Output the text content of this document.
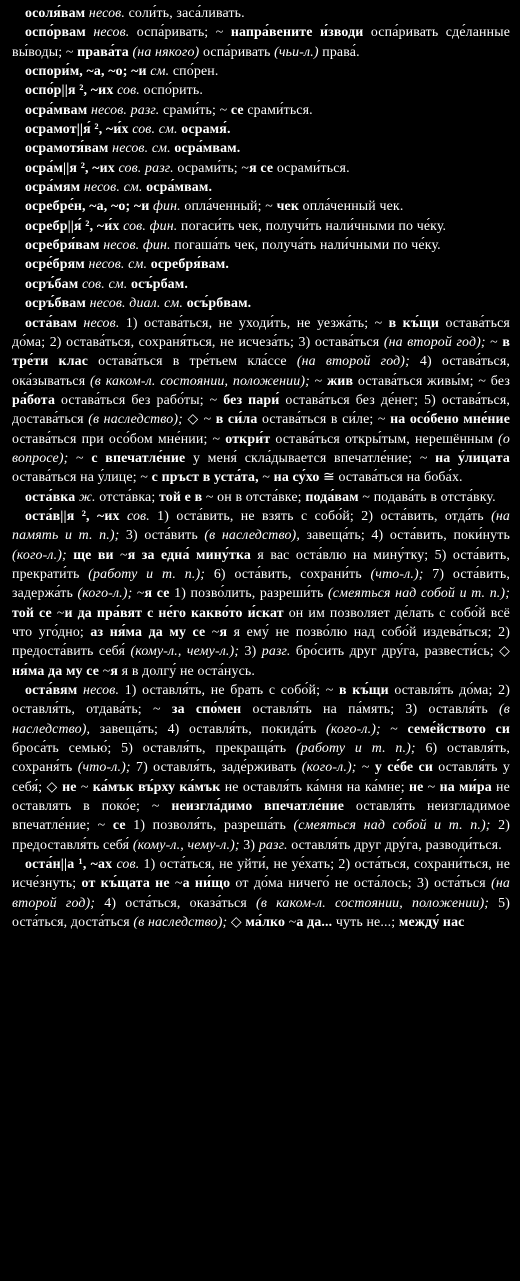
осоля́вам несов. соли́ть, заса́ливать.

оспо́рвам несов. оспа́ривать; ~ напра́вените и́зводи оспа́ривать сде́ланные вы́воды; ~ права́та (на някого) оспа́ривать (чьи-л.) права́.

оспори́м, ~а, ~о; ~и см. спо́рен.

оспо́р||я ², ~их сов. оспо́рить.

осра́мвам несов. разг. срами́ть; ~ се срами́ться.

осрамот||я́ ², ~и́х сов. см. осрамя́.

осрамотя́вам несов. см. осра́мвам.

осра́м||я ², ~их сов. разг. осрами́ть; ~я се осрами́ться.

осра́мям несов. см. осра́мвам.

осребре́н, ~а, ~о; ~и фин. опла́ченный; ~ чек опла́ченный чек.

осребр||я́ ², ~и́х сов. фин. погаси́ть чек, получи́ть нали́чными по че́ку.

осребря́вам несов. фин. погаша́ть чек, получа́ть нали́чными по че́ку.

осре́брям несов. см. осребря́вам.

осръ́бам сов. см. осъ́рбам.

осръ́бвам несов. диал. см. осъ́рбвам.

оста́вам несов. 1) остава́ться, не уходи́ть, не уезжа́ть; ~ в къ́щи остава́ться до́ма; 2) остава́ться, сохраня́ться, не исчеза́ть; 3) остава́ться (на второй год); ~ в тре́ти клас остава́ться в тре́тьем кла́ссе (на второй год); 4) остава́ться, ока́зываться (в каком-л. состоянии, положении); ~ жив остава́ться живы́м; ~ без ра́бота остава́ться без рабо́ты; ~ без пари́ остава́ться без де́нег; 5) остава́ться, достава́ться (в наследство); ◇ ~ в си́ла остава́ться в си́ле; ~ на осо́бено мне́ние остава́ться при осо́бом мне́нии; ~ откри́т остава́ться откры́тым, нерешённым (о вопросе); ~ с впечатле́ние у меня́ скла́дывается впечатле́ние; ~ на у́лицата остава́ться на у́лице; ~ с пръст в уста́та, ~ на су́хо ≅ остава́ться на боба́х.

оста́вка ж. отста́вка; той е в ~ он в отста́вке; пода́вам ~ подава́ть в отста́вку.

оста́в||я ², ~их сов. 1) оста́вить, не взять с собо́й; 2) оста́вить, отда́ть (на память и т. п.); 3) оста́вить (в наследство), завеща́ть; 4) оста́вить, поки́нуть (кого-л.); ще ви ~я за една́ мину́тка я вас оста́влю на мину́тку; 5) оста́вить, прекрати́ть (работу и т. п.); 6) оста́вить, сохрани́ть (что-л.); 7) оста́вить, задержа́ть (кого-л.); ~я се 1) позво́лить, разреши́ть (смеяться над собой и т. п.); той се ~и да пра́вят с не́го какво́то и́скат он им позволяет де́лать с собо́й всё что уго́дно; аз ня́ма да му се ~я я ему́ не позво́лю над собо́й издева́ться; 2) предоста́вить себя́ (кому-л., чему-л.); 3) разг. бро́сить друг дру́га, развести́сь; ◇ ня́ма да му се ~я я в долгу́ не оста́нусь.

оста́вям несов. 1) оставля́ть, не брать с собо́й; ~ в къ́щи оставля́ть до́ма; 2) оставля́ть, отдава́ть; ~ за спо́мен оставля́ть на па́мять; 3) оставля́ть (в наследство), завеща́ть; 4) оставля́ть, покида́ть (кого-л.); ~ семе́йството си броса́ть семью́; 5) оставля́ть, прекраща́ть (работу и т. п.); 6) оставля́ть, сохраня́ть (что-л.); 7) оставля́ть, заде́рживать (кого-л.); ~ у се́бе си оставля́ть у себя́; ◇ не ~ ка́мък въ́рху ка́мък не оставля́ть ка́мня на ка́мне; не ~ на ми́ра не оставлять в поко́е; ~ неизгла́димо впечатле́ние оставля́ть неизгладимое впечатле́ние; ~ се 1) позволя́ть, разреша́ть (смеяться над собой и т. п.); 2) предоставля́ть себя́ (кому-л., чему-л.); 3) разг. оставля́ть друг дру́га, разводи́ться.

оста́н||а ¹, ~ах сов. 1) оста́ться, не уйти́, не уе́хать; 2) оста́ться, сохрани́ться, не исче́знуть; от къ́щата не ~а ни́що от до́ма ничего́ не оста́лось; 3) оста́ться (на второй год); 4) оста́ться, оказа́ться (в каком-л. состоянии, положении); 5) оста́ться, доста́ться (в наследство); ◇ ма́лко ~а да... чуть не...; между́ нас
